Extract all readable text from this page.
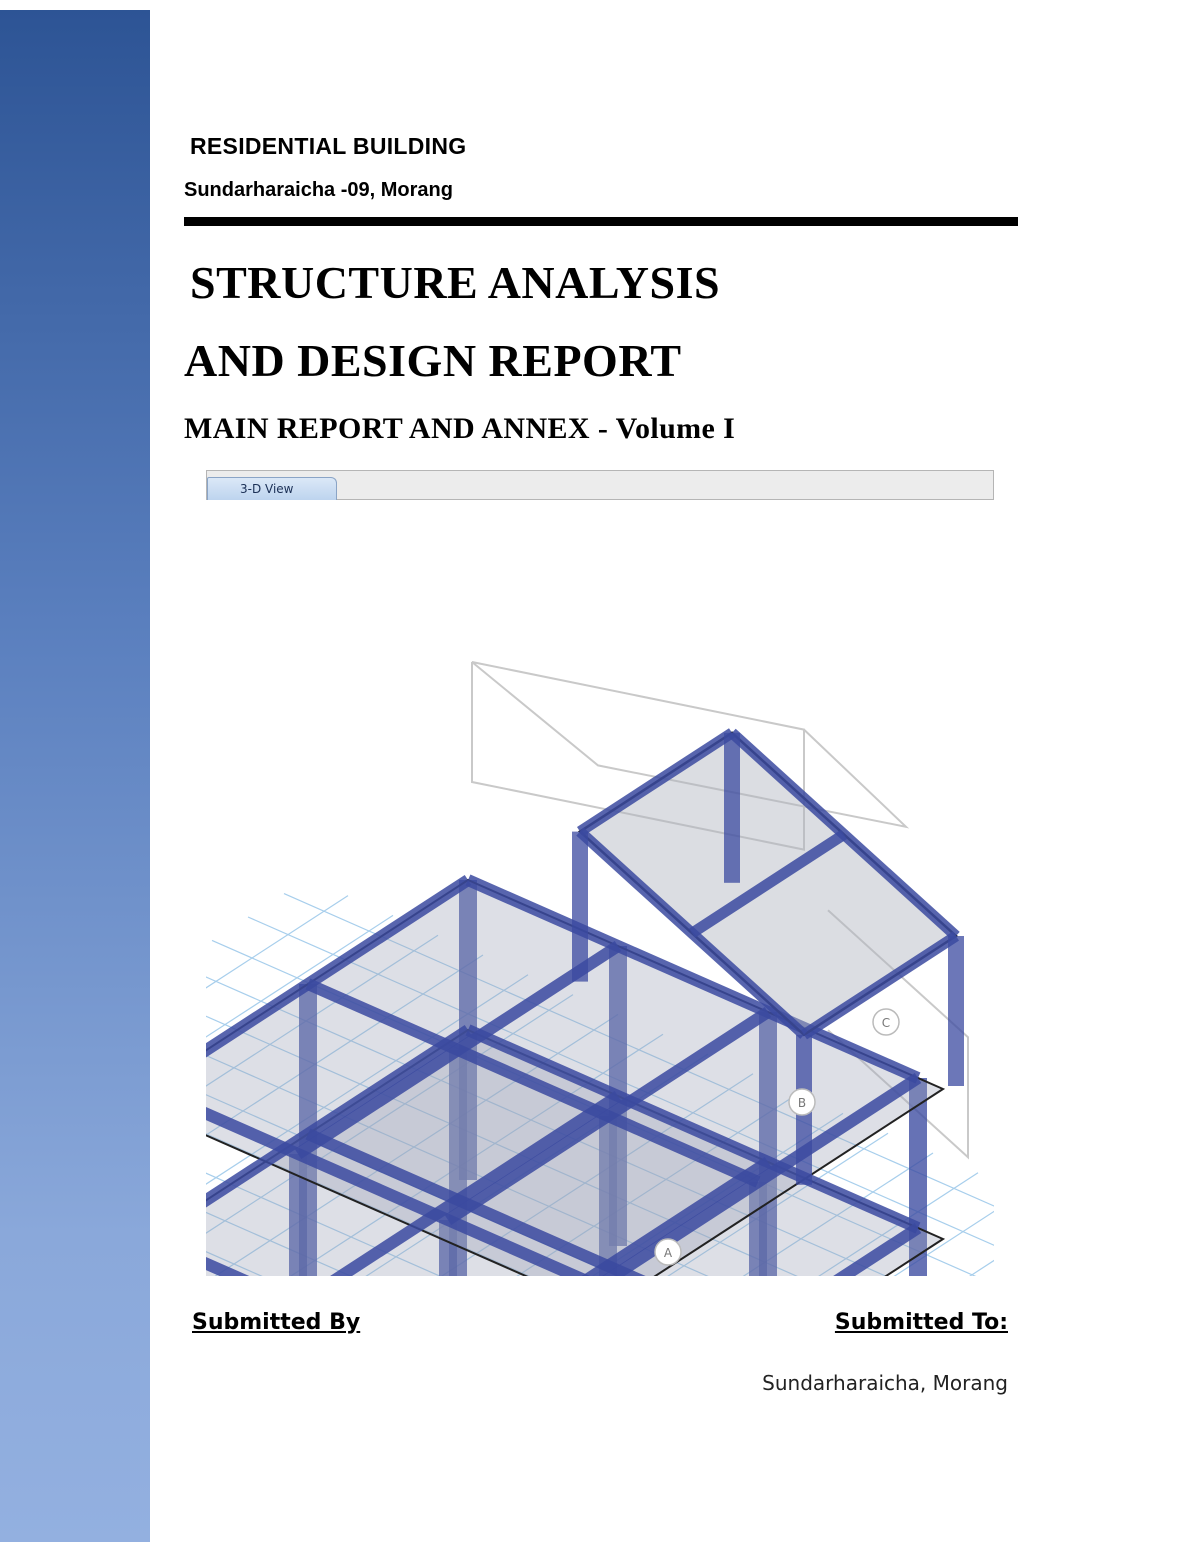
RESIDENTIAL BUILDING
Sundarharaicha -09, Morang
STRUCTURE ANALYSIS
AND DESIGN REPORT
MAIN REPORT AND ANNEX - Volume I
3-D View
C
B
A
Submitted By	Submitted To:
Sundarharaicha, Morang
